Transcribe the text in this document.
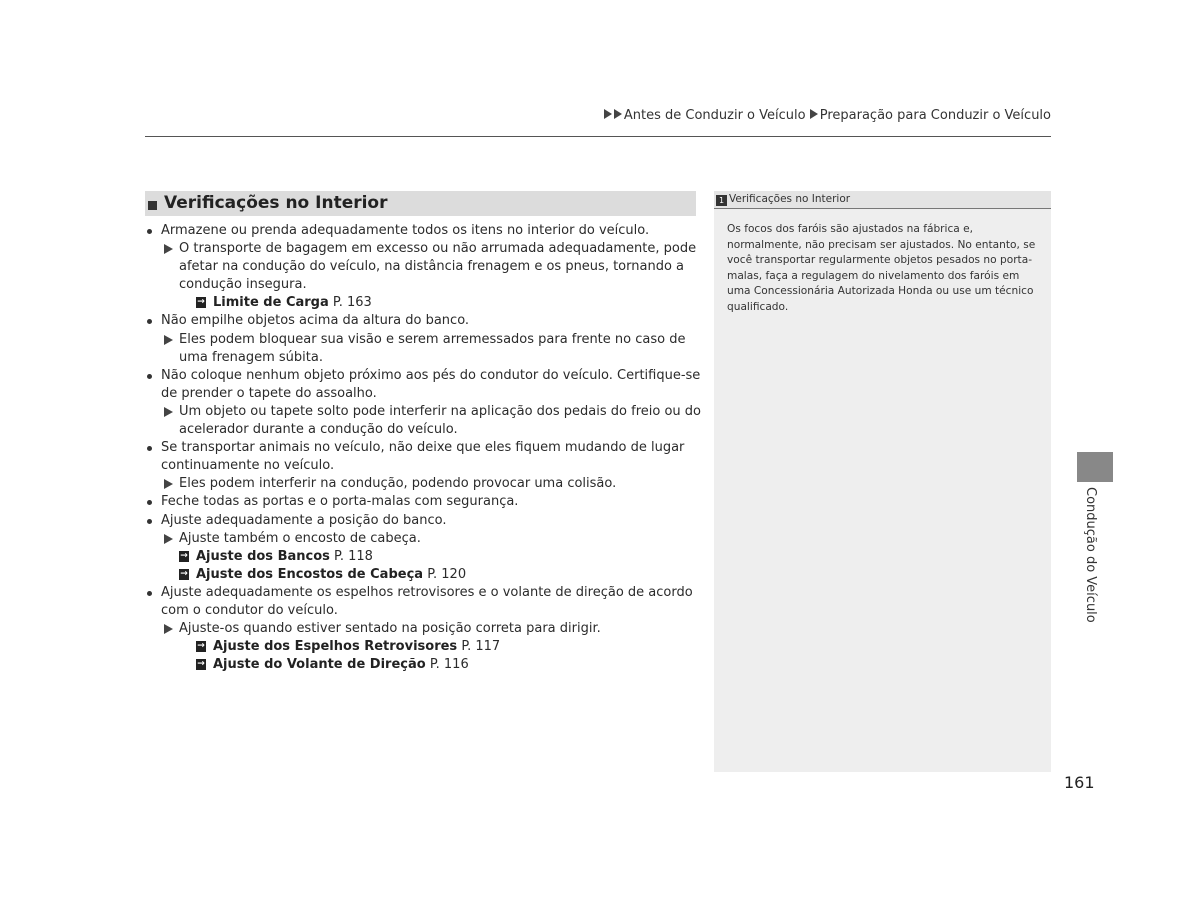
Antes de Conduzir o Veículo Preparação para Conduzir o Veículo
Verificações no Interior
Armazene ou prenda adequadamente todos os itens no interior do veículo.
O transporte de bagagem em excesso ou não arrumada adequadamente, pode afetar na condução do veículo, na distância frenagem e os pneus, tornando a condução insegura.
→ Limite de Carga P. 163
Não empilhe objetos acima da altura do banco.
Eles podem bloquear sua visão e serem arremessados para frente no caso de uma frenagem súbita.
Não coloque nenhum objeto próximo aos pés do condutor do veículo. Certifique-se de prender o tapete do assoalho.
Um objeto ou tapete solto pode interferir na aplicação dos pedais do freio ou do acelerador durante a condução do veículo.
Se transportar animais no veículo, não deixe que eles fiquem mudando de lugar continuamente no veículo.
Eles podem interferir na condução, podendo provocar uma colisão.
Feche todas as portas e o porta-malas com segurança.
Ajuste adequadamente a posição do banco.
Ajuste também o encosto de cabeça.
→ Ajuste dos Bancos P. 118
→ Ajuste dos Encostos de Cabeça P. 120
Ajuste adequadamente os espelhos retrovisores e o volante de direção de acordo com o condutor do veículo.
Ajuste-os quando estiver sentado na posição correta para dirigir.
→ Ajuste dos Espelhos Retrovisores P. 117
→ Ajuste do Volante de Direção P. 116
1 Verificações no Interior
Os focos dos faróis são ajustados na fábrica e, normalmente, não precisam ser ajustados. No entanto, se você transportar regularmente objetos pesados no porta-malas, faça a regulagem do nivelamento dos faróis em uma Concessionária Autorizada Honda ou use um técnico qualificado.
Condução do Veículo
161
